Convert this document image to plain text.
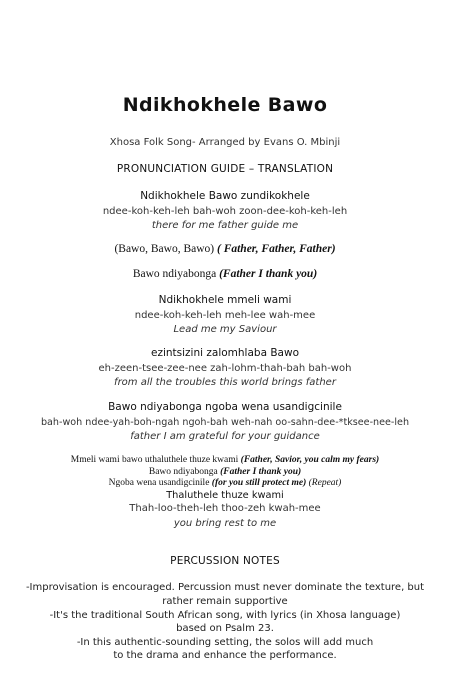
Ndikhokhele Bawo
Xhosa Folk Song- Arranged by Evans O. Mbinji
PRONUNCIATION GUIDE – TRANSLATION
Ndikhokhele Bawo zundikokhele
ndee-koh-keh-leh bah-woh zoon-dee-koh-keh-leh
there for me father guide me
(Bawo, Bawo, Bawo) ( Father, Father, Father)
Bawo ndiyabonga (Father I thank you)
Ndikhokhele mmeli wami
ndee-koh-keh-leh meh-lee wah-mee
Lead me my Saviour
ezintsizini zalomhlaba Bawo
eh-zeen-tsee-zee-nee zah-lohm-thah-bah bah-woh
from all the troubles this world brings father
Bawo ndiyabonga ngoba wena usandigcinile
bah-woh ndee-yah-boh-ngah ngoh-bah weh-nah oo-sahn-dee-*tksee-nee-leh
father I am grateful for your guidance
Mmeli wami bawo uthaluthele thuze kwami (Father, Savior, you calm my fears)
Bawo ndiyabonga (Father I thank you)
Ngoba wena usandigcinile (for you still protect me) (Repeat)
Thaluthele thuze kwami
Thah-loo-theh-leh thoo-zeh kwah-mee
you bring rest to me
PERCUSSION NOTES
-Improvisation is encouraged. Percussion must never dominate the texture, but
rather remain supportive
-It's the traditional South African song, with lyrics (in Xhosa language)
based on Psalm 23.
-In this authentic-sounding setting, the solos will add much
to the drama and enhance the performance.
